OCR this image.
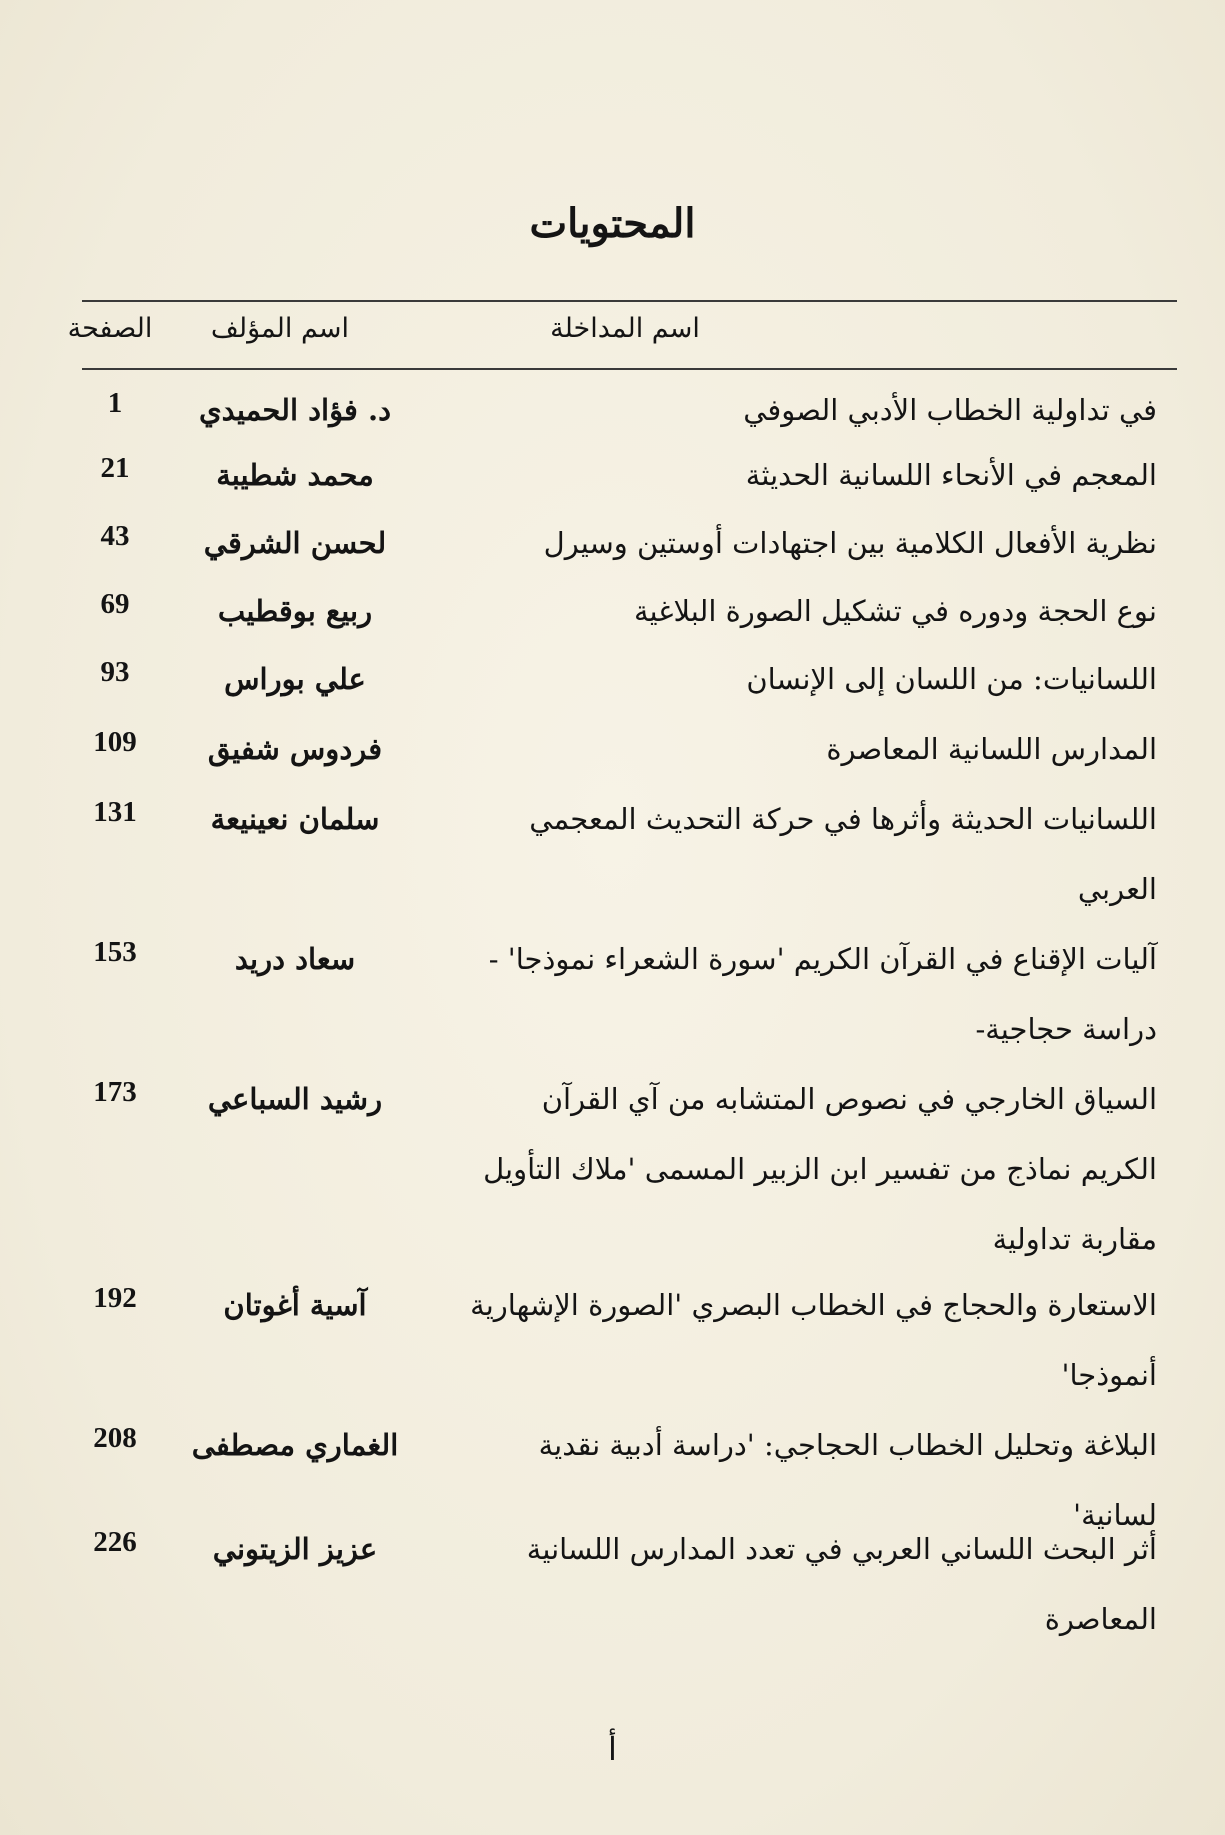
المحتويات
اسم المداخلة
اسم المؤلف
الصفحة
في تداولية الخطاب الأدبي الصوفي
د. فؤاد الحميدي
1
المعجم في الأنحاء اللسانية الحديثة
محمد شطيبة
21
نظرية الأفعال الكلامية بين اجتهادات أوستين وسيرل
لحسن الشرقي
43
نوع الحجة ودوره في تشكيل الصورة البلاغية
ربيع بوقطيب
69
اللسانيات: من اللسان إلى الإنسان
علي بوراس
93
المدارس اللسانية المعاصرة
فردوس شفيق
109
اللسانيات الحديثة وأثرها في حركة التحديث المعجمي العربي
سلمان نعينيعة
131
آليات الإقناع في القرآن الكريم 'سورة الشعراء نموذجا' - دراسة حجاجية-
سعاد دريد
153
السياق الخارجي في نصوص المتشابه من آي القرآن الكريم نماذج من تفسير ابن الزبير المسمى 'ملاك التأويل مقاربة تداولية
رشيد السباعي
173
الاستعارة والحجاج في الخطاب البصري 'الصورة الإشهارية أنموذجا'
آسية أغوتان
192
البلاغة وتحليل الخطاب الحجاجي: 'دراسة أدبية نقدية لسانية'
الغماري مصطفى
208
أثر البحث اللساني العربي في تعدد المدارس اللسانية المعاصرة
عزيز الزيتوني
226
أ
